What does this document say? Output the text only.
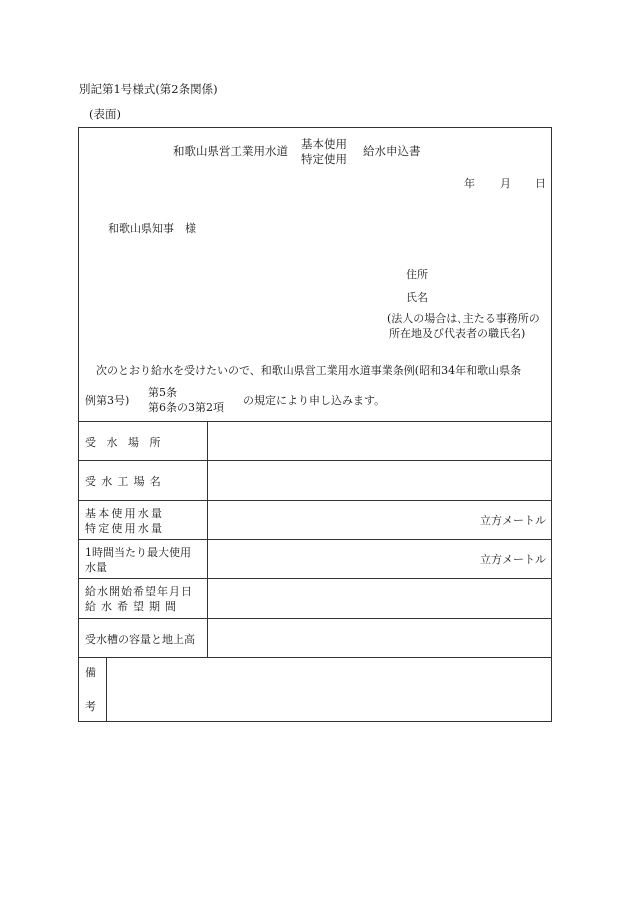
別記第1号様式(第2条関係)
(表面)
和歌山県営工業用水道 基本使用
特定使用
給水申込書
年 月 日
和歌山県知事　様
住所
氏名
(法人の場合は､主たる事務所の
所在地及び代表者の職氏名)
次のとおり給水を受けたいので、和歌山県営工業用水道事業条例(昭和34年和歌山県条
例第3号)
第5条
第6条の3第2項
の規定により申し込みます。
受水場所
受水工場名
基本使用水量
特定使用水量
立方メートル
1時間当たり最大使用
水量
立方メートル
給水開始希望年月日
給水希望期間
受水槽の容量と地上高
備
考
